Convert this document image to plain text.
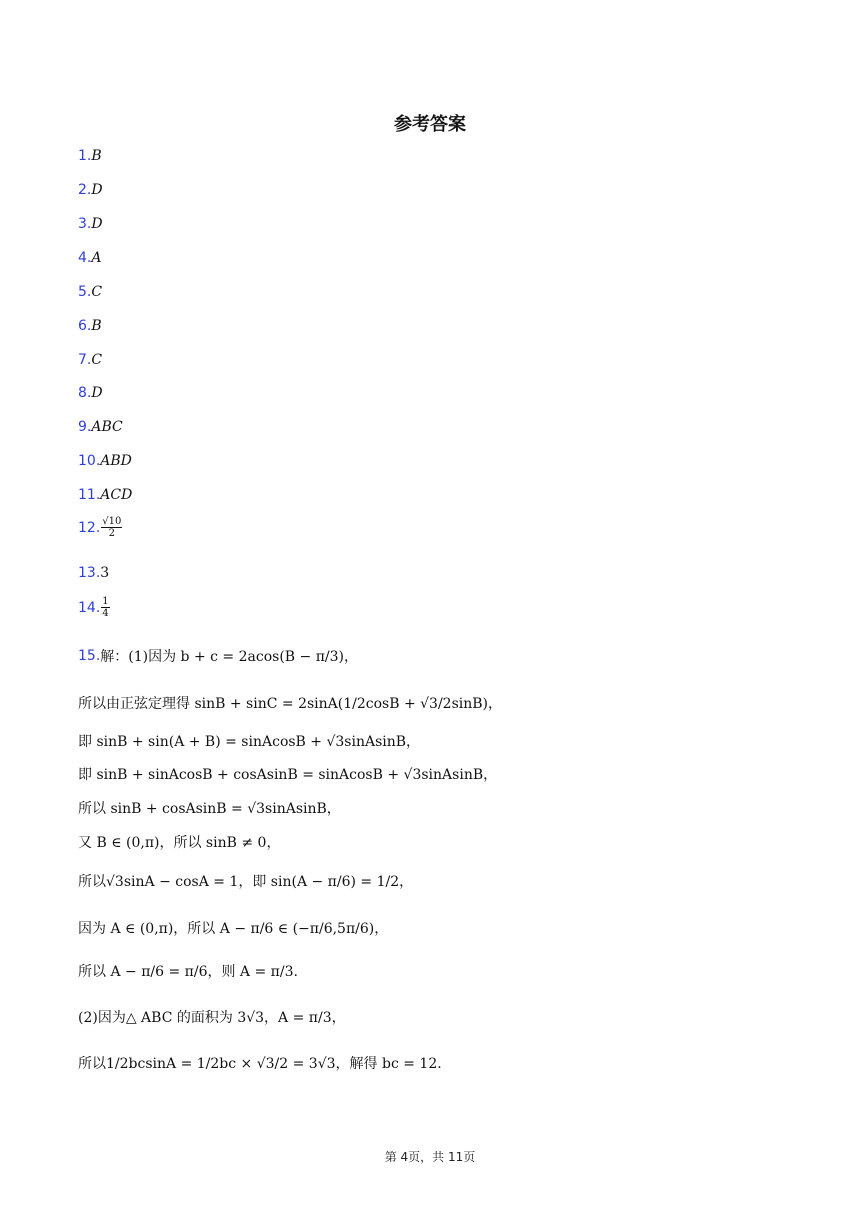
参考答案
1.B
2.D
3.D
4.A
5.C
6.B
7.C
8.D
9.ABC
10.ABD
11.ACD
12. $\frac{√10}{2}$
13.3
14. $\frac{1}{4}$
15. 解： (1)因为 b + c = 2acos(B − π/3)，
所以由正弦定理得 sinB + sinC = 2sinA(1/2cosB + √3/2sinB)，
即 sinB + sin(A + B) = sinAcosB + √3sinAsinB，
即 sinB + sinAcosB + cosAsinB = sinAcosB + √3sinAsinB，
所以 sinB + cosAsinB = √3sinAsinB，
又 B ∈ (0,π)，所以 sinB ≠ 0，
所以√3sinA − cosA = 1，即 sin(A − π/6) = 1/2，
因为 A ∈ (0,π)，所以 A − π/6 ∈ (−π/6,5π/6)，
所以 A − π/6 = π/6，则 A = π/3.
(2)因为△ ABC 的面积为 3√3，A = π/3，
所以1/2bcsinA = 1/2bc × √3/2 = 3√3，解得 bc = 12.
第 4页，共 11页
